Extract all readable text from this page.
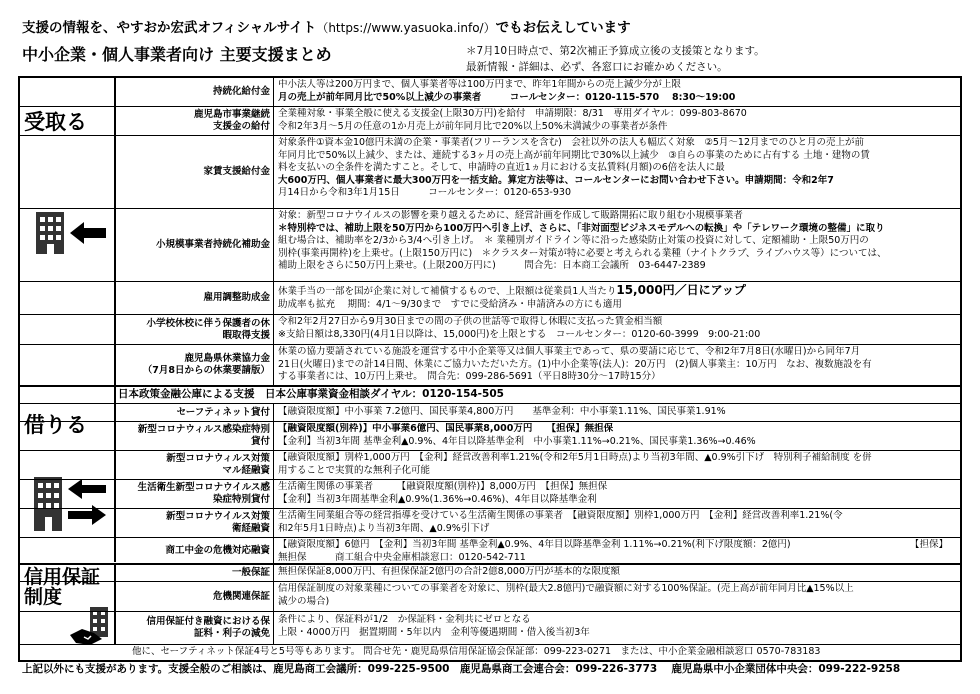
支援の情報を、やすおか宏武オフィシャルサイト（https://www.yasuoka.info/）でもお伝えしています
中小企業・個人事業者向け 主要支援まとめ	＊7月10日時点で、第2次補正予算成立後の支援策となります。
最新情報・詳細は、必ず、各窓口にお確かめください。
受取る
持続化給付金
中小法人等は200万円まで、個人事業者等は100万円まで、昨年1年間からの売上減少分が上限
月の売上が前年同月比で50%以上減少の事業者　　　コールセンター：0120-115-570　 8:30～19:00
鹿児島市事業継続
支援金の給付
全業種対象・事業全般に使える支援金(上限30万円)を給付　申請期限：8/31　専用ダイヤル：099-803-8670
令和2年3月～5月の任意の1か月売上が前年同月比で20%以上50%未満減少の事業者が条件
家賃支援給付金
対象条件①資本金10億円未満の企業・事業者(フリーランスを含む)　会社以外の法人も幅広く対象　②5月～12月までのひと月の売上が前
年同月比で50%以上減少、または、連続する3ヶ月の売上高が前年同期比で30%以上減少　③自らの事業のために占有する 土地・建物の賃
料を支払いの全条件を満たすこと。そして、申請時の直近1ヵ月における支払賃料(月額)の6倍を法人に最
大600万円、個人事業者に最大300万円を一括支給。算定方法等は、コールセンターにお問い合わせ下さい。申請期間：令和2年7
月14日から令和3年1月15日　　　コールセンター：0120-653-930
小規模事業者持続化補助金
対象：新型コロナウイルスの影響を乗り越えるために、経営計画を作成して販路開拓に取り組む小規模事業者
＊特別枠では、補助上限を50万円から100万円へ引き上げ、さらに、「非対面型ビジネスモデルへの転換」や「テレワーク環境の整備」に取り
組む場合は、補助率を2/3から3/4へ引き上げ。　＊ 業種別ガイドライン等に沿った感染防止対策の投資に対して、定額補助・上限50万円の
別枠(事業再開枠)を上乗せ。(上限150万円に)　＊クラスター対策が特に必要と考えられる業種（ナイトクラブ、ライブハウス等）については、
補助上限をさらに50万円上乗せ。(上限200万円に)　　　問合先：日本商工会議所　03-6447-2389
雇用調整助成金
休業手当の一部を国が企業に対して補償するもので、上限額は従業員1人当たり15,000円／日にアップ
助成率も拡充　 期間：4/1～9/30まで　すでに受給済み・申請済みの方にも適用
小学校休校に伴う保護者の休
暇取得支援
令和2年2月27日から9月30日までの間の子供の世話等で取得し休暇に支払った賃金相当額
※支給日額は8,330円(4月1日以降は、15,000円)を上限とする　コールセンター：0120-60-3999　9:00-21:00
鹿児島県休業協力金
（7月8日からの休業要請版）
休業の協力要請されている施設を運営する中小企業等又は個人事業主であって、県の要請に応じて、令和2年7月8日(水曜日)から同年7月
21日(火曜日)までの計14日間、休業にご協力いただいた方。(1)中小企業等(法人)：20万円　(2)個人事業主：10万円　なお、複数施設を有
する事業者には、10万円上乗せ。　問合先：099-286-5691（平日8時30分～17時15分）
借りる
日本政策金融公庫による支援　日本公庫事業資金相談ダイヤル：0120-154-505
セーフティネット貸付 【融資限度額】中小事業 7.2億円、国民事業4,800万円　　基準金利：中小事業1.11%、国民事業1.91%
新型コロナウィルス感染症特別
貸付
【融資限度額(別枠)】中小事業6億円、国民事業8,000万円　　【担保】無担保
【金利】当初3年間 基準金利▲0.9%、4年目以降基準金利　中小事業1.11%→0.21%、国民事業1.36%→0.46%
新型コロナウィルス対策
マル経融資
【融資限度額】別枠1,000万円　【金利】経営改善利率1.21%(令和2年5月1日時点)より当初3年間、▲0.9%引下げ　特別利子補給制度 を併
用することで実質的な無利子化可能
生活衛生新型コロナウイルス感
染症特別貸付
生活衛生関係の事業者　　　【融資限度額(別枠)】8,000万円　【担保】無担保
【金利】当初3年間基準金利▲0.9%(1.36%→0.46%)、4年目以降基準金利
新型コロナウイルス対策
衛経融資
生活衛生同業組合等の経営指導を受けている生活衛生関係の事業者　【融資限度額】別枠1,000万円　【金利】経営改善利率1.21%(令
和2年5月1日時点)より当初3年間、▲0.9%引下げ
商工中金の危機対応融資 【融資限度額】6億円　【金利】当初3年間 基準金利▲0.9%、4年目以降基準金利 1.11%→0.21%(利下げ限度額：2億円)	【担保】
無担保　　　商工組合中央金庫相談窓口：0120-542-711
信用保証
制度
一般保証 無担保保証8,000万円、有担保保証2億円の合計2億8,000万円が基本的な限度額
危機関連保証
信用保証制度の対象業種についての事業者を対象に、別枠(最大2.8億円)で融資額に対する100%保証。(売上高が前年同月比▲15%以上
減少の場合)
信用保証付き融資における保
証料・利子の減免
条件により、保証料が1/2　か保証料・金利共にゼロとなる
上限・4000万円　据置期間・5年以内　金利等優遇期間・借入後当初3年
他に、セーフティネット保証4号と5号等もあります。 問合せ先・鹿児島県信用保証協会保証部：099-223-0271　または、中小企業金融相談窓口 0570-783183
上記以外にも支援があります。支援全般のご相談は、鹿児島商工会議所：099-225-9500　鹿児島県商工会連合会：099-226-3773　 鹿児島県中小企業団体中央会：099-222-9258
